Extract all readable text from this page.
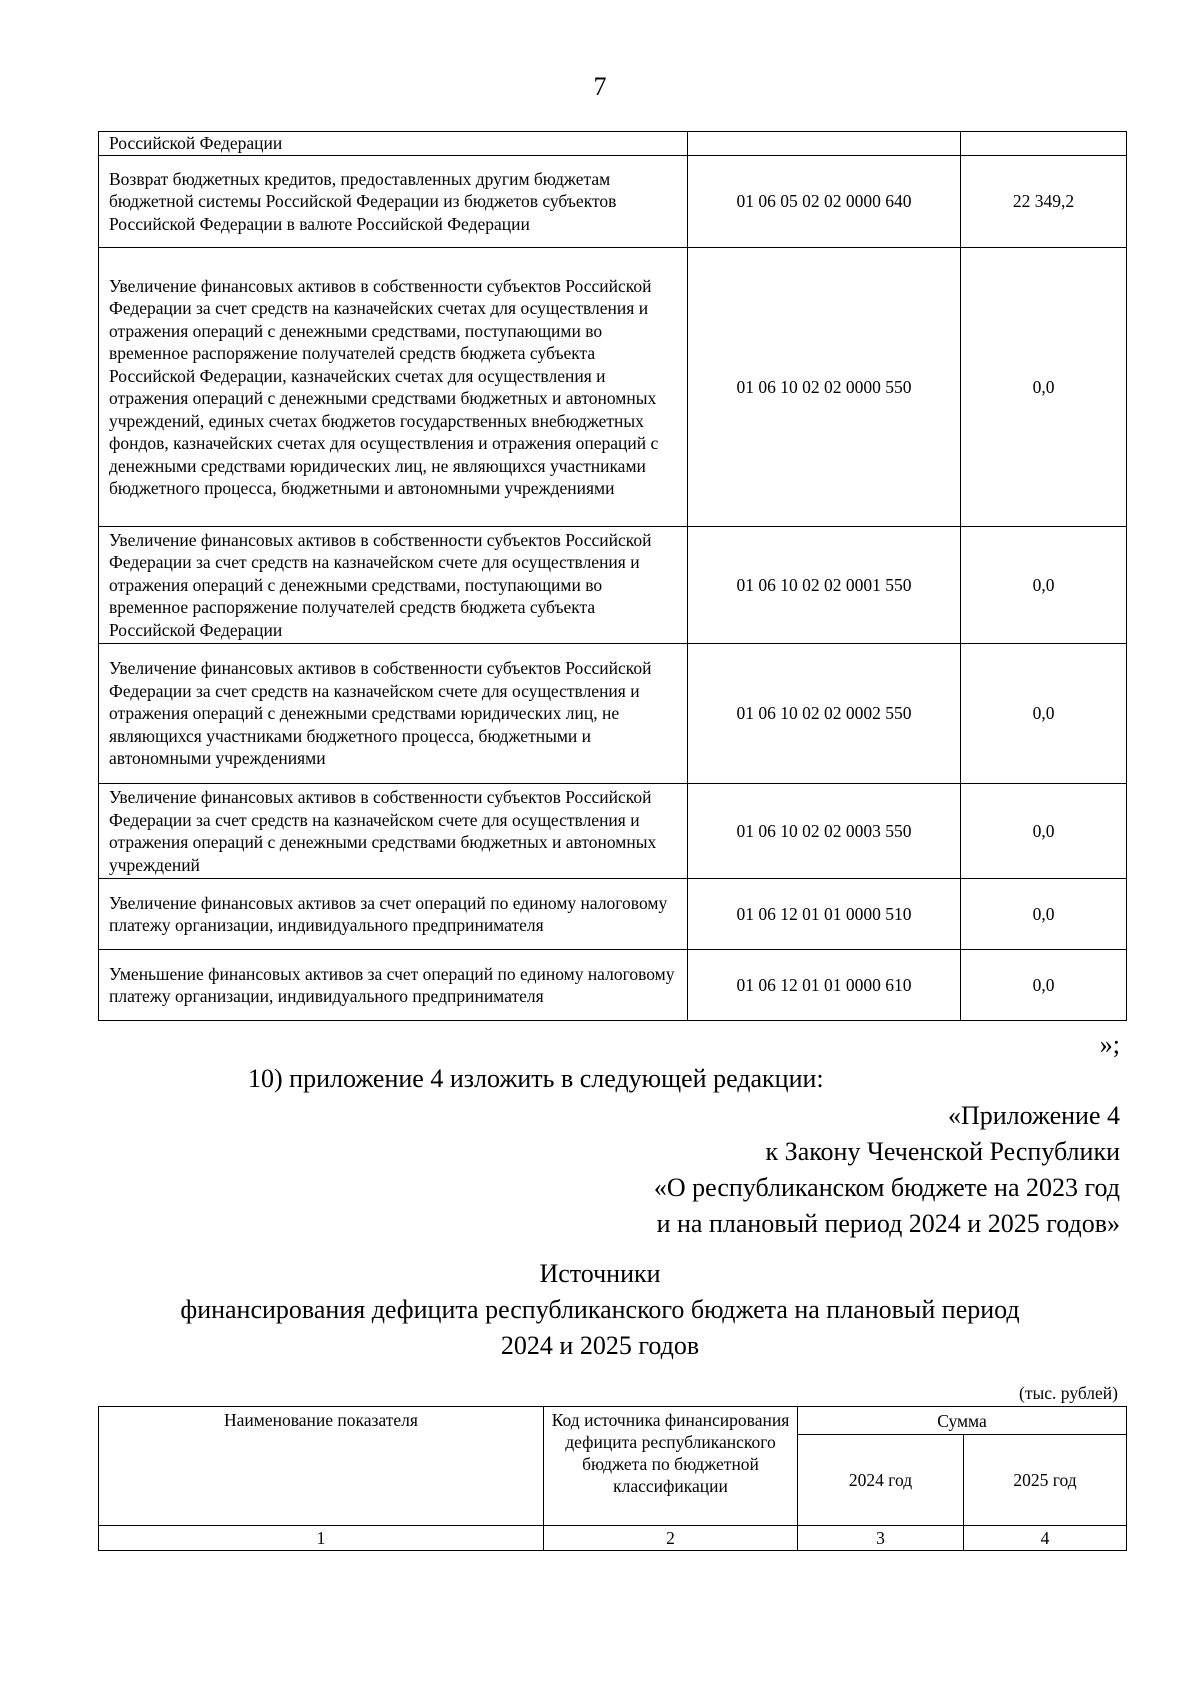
7
Российской Федерации		
Возврат бюджетных кредитов, предоставленных другим бюджетам бюджетной системы Российской Федерации из бюджетов субъектов Российской Федерации в валюте Российской Федерации	01 06 05 02 02 0000 640	22 349,2
Увеличение финансовых активов в собственности субъектов Российской Федерации за счет средств на казначейских счетах для осуществления и отражения операций с денежными средствами, поступающими во временное распоряжение получателей средств бюджета субъекта Российской Федерации, казначейских счетах для осуществления и отражения операций с денежными средствами бюджетных и автономных учреждений, единых счетах бюджетов государственных внебюджетных фондов, казначейских счетах для осуществления и отражения операций с денежными средствами юридических лиц, не являющихся участниками бюджетного процесса, бюджетными и автономными учреждениями	01 06 10 02 02 0000 550	0,0
Увеличение финансовых активов в собственности субъектов Российской Федерации за счет средств на казначейском счете для осуществления и отражения операций с денежными средствами, поступающими во временное распоряжение получателей средств бюджета субъекта Российской Федерации	01 06 10 02 02 0001 550	0,0
Увеличение финансовых активов в собственности субъектов Российской Федерации за счет средств на казначейском счете для осуществления и отражения операций с денежными средствами юридических лиц, не являющихся участниками бюджетного процесса, бюджетными и автономными учреждениями	01 06 10 02 02 0002 550	0,0
Увеличение финансовых активов в собственности субъектов Российской Федерации за счет средств на казначейском счете для осуществления и отражения операций с денежными средствами бюджетных и автономных учреждений	01 06 10 02 02 0003 550	0,0
Увеличение финансовых активов за счет операций по единому налоговому платежу организации, индивидуального предпринимателя	01 06 12 01 01 0000 510	0,0
Уменьшение финансовых активов за счет операций по единому налоговому платежу организации, индивидуального предпринимателя	01 06 12 01 01 0000 610	0,0
»;
10) приложение 4 изложить в следующей редакции:
«Приложение 4
к Закону Чеченской Республики
«О республиканском бюджете на 2023 год
и на плановый период 2024 и 2025 годов»
Источники
финансирования дефицита республиканского бюджета на плановый период
2024 и 2025 годов
(тыс. рублей)
Наименование показателя	Код источника финансирования дефицита республиканского бюджета по бюджетной классификации	Сумма	
		2024 год	2025 год
1	2	3	4
